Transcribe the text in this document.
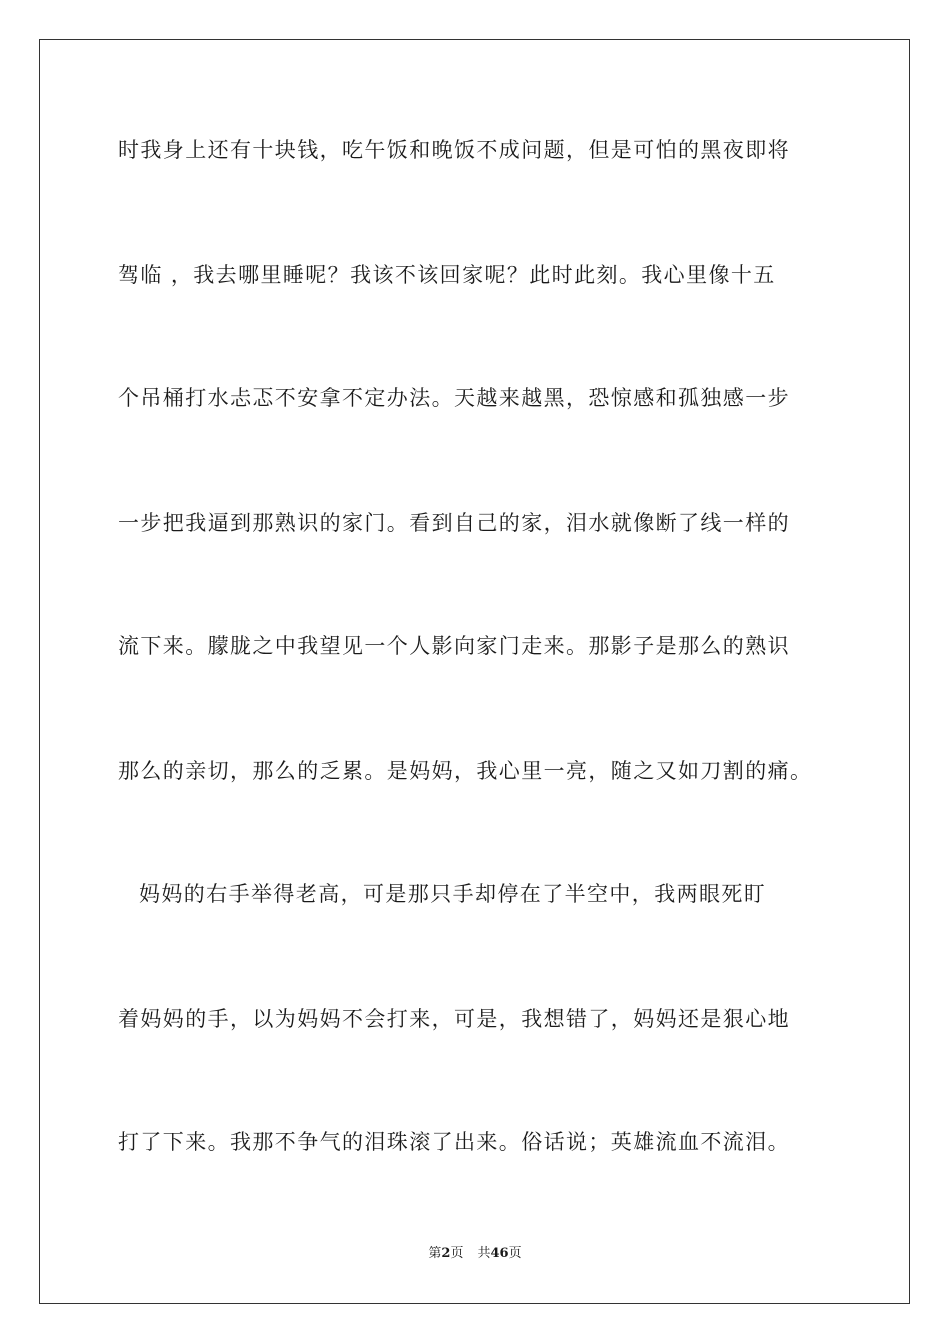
时我身上还有十块钱，吃午饭和晚饭不成问题，但是可怕的黑夜即将
驾临 ，我去哪里睡呢？我该不该回家呢？此时此刻。我心里像十五
个吊桶打水忐忑不安拿不定办法。天越来越黑，恐惊感和孤独感一步
一步把我逼到那熟识的家门。看到自己的家，泪水就像断了线一样的
流下来。朦胧之中我望见一个人影向家门走来。那影子是那么的熟识
那么的亲切，那么的乏累。是妈妈，我心里一亮，随之又如刀割的痛。
妈妈的右手举得老高，可是那只手却停在了半空中，我两眼死盯
着妈妈的手，以为妈妈不会打来，可是，我想错了，妈妈还是狠心地
打了下来。我那不争气的泪珠滚了出来。俗话说；英雄流血不流泪。
第2页 共46页
